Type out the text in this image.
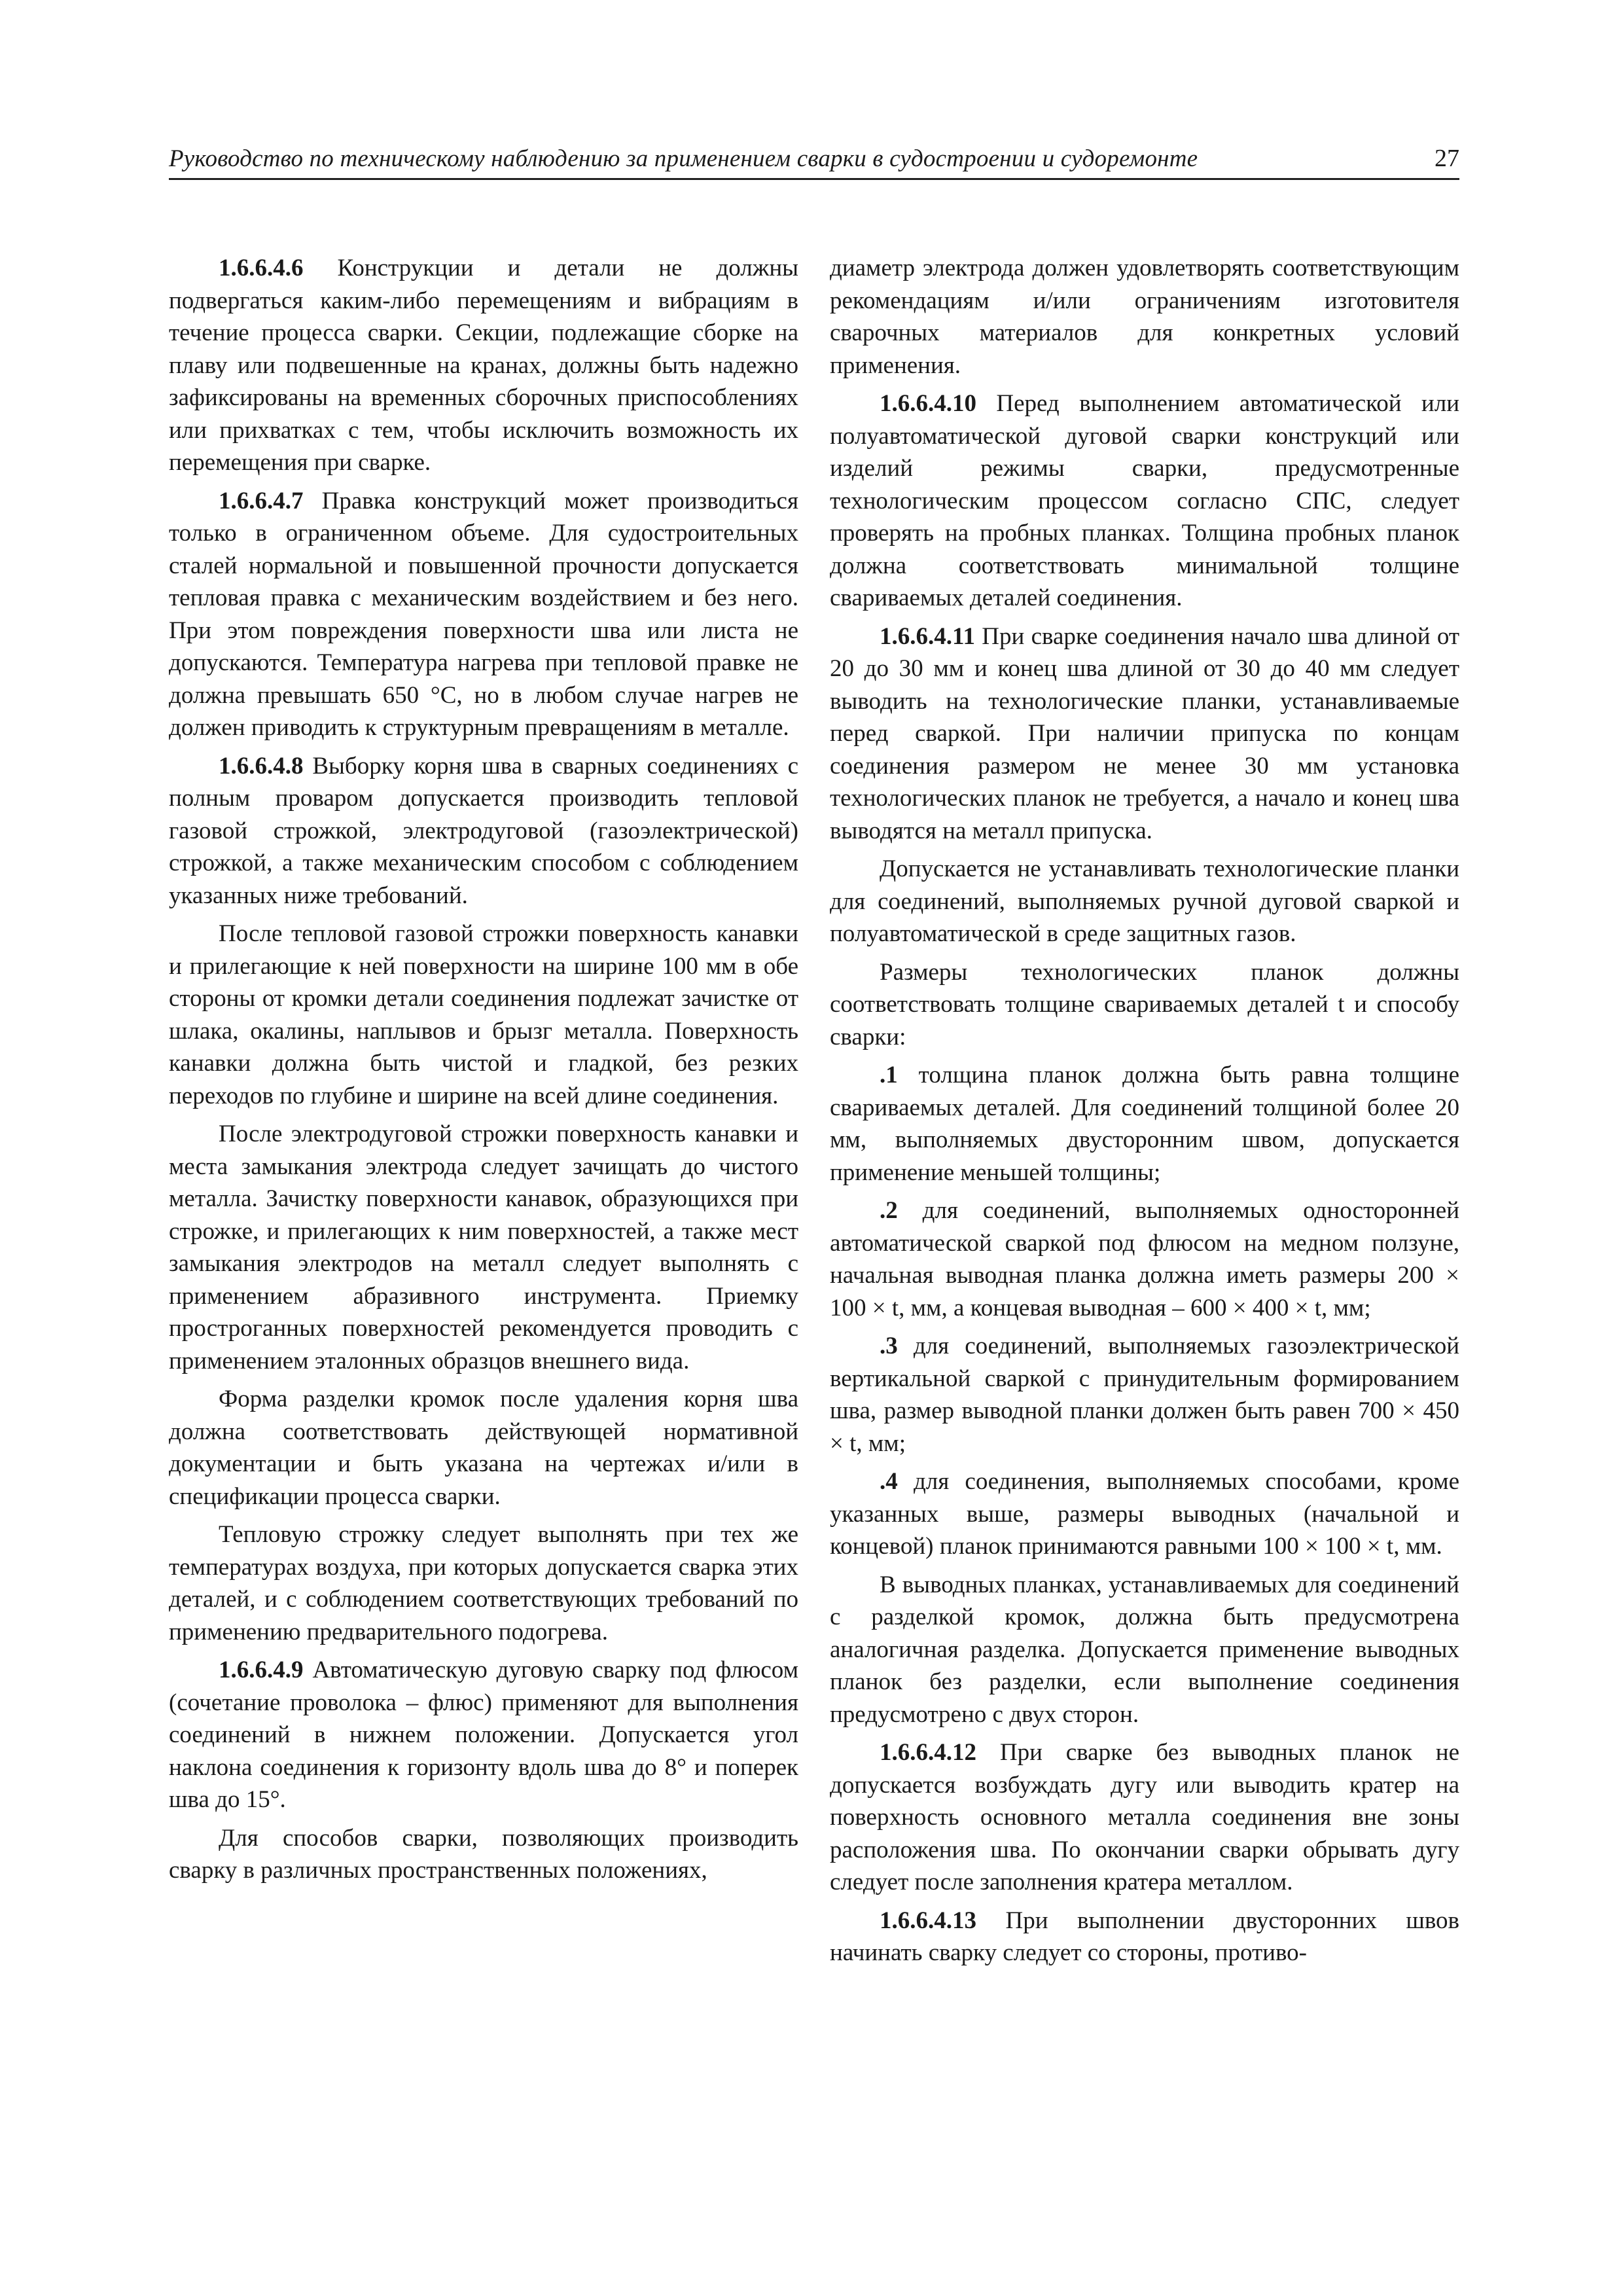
Руководство по техническому наблюдению за применением сварки в судостроении и судоремонте	27

1.6.6.4.6 Конструкции и детали не должны подвергаться каким-либо перемещениям и вибрациям в течение процесса сварки. Секции, подлежащие сборке на плаву или подвешенные на кранах, должны быть надежно зафиксированы на временных сборочных приспособлениях или прихватках с тем, чтобы исключить возможность их перемещения при сварке.

1.6.6.4.7 Правка конструкций может производиться только в ограниченном объеме. Для судостроительных сталей нормальной и повышенной прочности допускается тепловая правка с механическим воздействием и без него. При этом повреждения поверхности шва или листа не допускаются. Температура нагрева при тепловой правке не должна превышать 650 °С, но в любом случае нагрев не должен приводить к структурным превращениям в металле.

1.6.6.4.8 Выборку корня шва в сварных соединениях с полным проваром допускается производить тепловой газовой строжкой, электродуговой (газоэлектрической) строжкой, а также механическим способом с соблюдением указанных ниже требований.

После тепловой газовой строжки поверхность канавки и прилегающие к ней поверхности на ширине 100 мм в обе стороны от кромки детали соединения подлежат зачистке от шлака, окалины, наплывов и брызг металла. Поверхность канавки должна быть чистой и гладкой, без резких переходов по глубине и ширине на всей длине соединения.

После электродуговой строжки поверхность канавки и места замыкания электрода следует зачищать до чистого металла. Зачистку поверхности канавок, образующихся при строжке, и прилегающих к ним поверхностей, а также мест замыкания электродов на металл следует выполнять с применением абразивного инструмента. Приемку прострoганных поверхностей рекомендуется проводить с применением эталонных образцов внешнего вида.

Форма разделки кромок после удаления корня шва должна соответствовать действующей нормативной документации и быть указана на чертежах и/или в спецификации процесса сварки.

Тепловую строжку следует выполнять при тех же температурах воздуха, при которых допускается сварка этих деталей, и с соблюдением соответствующих требований по применению предварительного подогрева.

1.6.6.4.9 Автоматическую дуговую сварку под флюсом (сочетание проволока – флюс) применяют для выполнения соединений в нижнем положении. Допускается угол наклона соединения к горизонту вдоль шва до 8° и поперек шва до 15°.

Для способов сварки, позволяющих производить сварку в различных пространственных положениях,

диаметр электрода должен удовлетворять соответствующим рекомендациям и/или ограничениям изготовителя сварочных материалов для конкретных условий применения.

1.6.6.4.10 Перед выполнением автоматической или полуавтоматической дуговой сварки конструкций или изделий режимы сварки, предусмотренные технологическим процессом согласно СПС, следует проверять на пробных планках. Толщина пробных планок должна соответствовать минимальной толщине свариваемых деталей соединения.

1.6.6.4.11 При сварке соединения начало шва длиной от 20 до 30 мм и конец шва длиной от 30 до 40 мм следует выводить на технологические планки, устанавливаемые перед сваркой. При наличии припуска по концам соединения размером не менее 30 мм установка технологических планок не требуется, а начало и конец шва выводятся на металл припуска.

Допускается не устанавливать технологические планки для соединений, выполняемых ручной дуговой сваркой и полуавтоматической в среде защитных газов.

Размеры технологических планок должны соответствовать толщине свариваемых деталей t и способу сварки:

.1 толщина планок должна быть равна толщине свариваемых деталей. Для соединений толщиной более 20 мм, выполняемых двусторонним швом, допускается применение меньшей толщины;

.2 для соединений, выполняемых односторонней автоматической сваркой под флюсом на медном ползуне, начальная выводная планка должна иметь размеры 200 × 100 × t, мм, а концевая выводная – 600 × 400 × t, мм;

.3 для соединений, выполняемых газоэлектрической вертикальной сваркой с принудительным формированием шва, размер выводной планки должен быть равен 700 × 450 × t, мм;

.4 для соединения, выполняемых способами, кроме указанных выше, размеры выводных (начальной и концевой) планок принимаются равными 100 × 100 × t, мм.

В выводных планках, устанавливаемых для соединений с разделкой кромок, должна быть предусмотрена аналогичная разделка. Допускается применение выводных планок без разделки, если выполнение соединения предусмотрено с двух сторон.

1.6.6.4.12 При сварке без выводных планок не допускается возбуждать дугу или выводить кратер на поверхность основного металла соединения вне зоны расположения шва. По окончании сварки обрывать дугу следует после заполнения кратера металлом.

1.6.6.4.13 При выполнении двусторонних швов начинать сварку следует со стороны, противо-
